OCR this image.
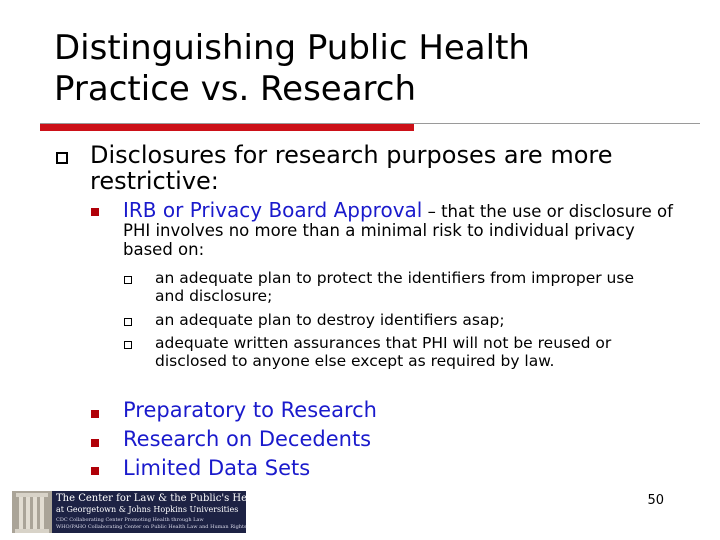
Distinguishing Public Health
Practice vs. Research
Disclosures for research purposes are more restrictive:
IRB or Privacy Board Approval – that the use or disclosure of PHI involves no more than a minimal risk to individual privacy based on:
an adequate plan to protect the identifiers from improper use and disclosure;
an adequate plan to destroy identifiers asap;
adequate written assurances that PHI will not be reused or disclosed to anyone else except as required by law.
Preparatory to Research
Research on Decedents
Limited Data Sets
The Center for Law & the Public's Health
at Georgetown & Johns Hopkins Universities
CDC Collaborating Center Promoting Health through Law
WHO/PAHO Collaborating Center on Public Health Law and Human Rights
50
